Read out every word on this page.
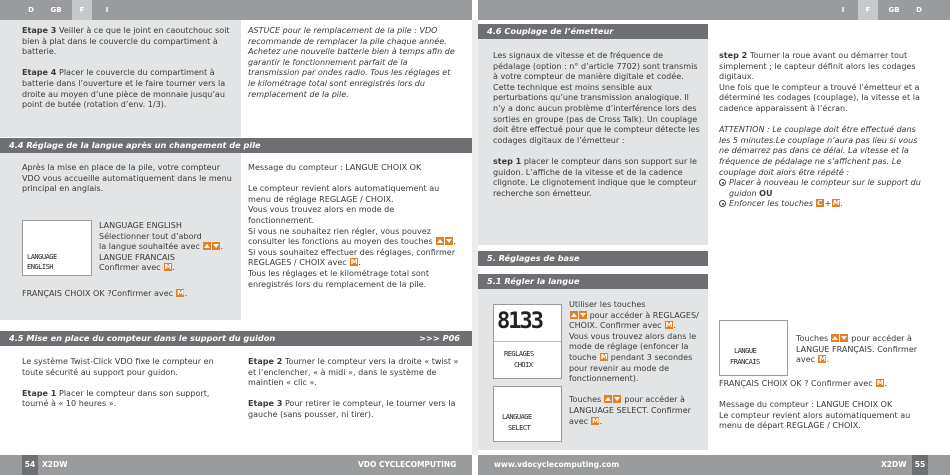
D	GB	F	I	I	F	GB	D

Etape 3 Veiller à ce que le joint en caoutchouc soit bien à plat dans le couvercle du compartiment à batterie.

Etape 4 Placer le couvercle du compartiment à batterie dans l’ouverture et le faire tourner vers la droite au moyen d’une pièce de monnaie jusqu’au point de butée (rotation d’env. 1/3).

ASTUCE pour le remplacement de la pile : VDO recommande de remplacer la pile chaque année. Achetez une nouvelle batterie bien à temps afin de garantir le fonctionnement parfait de la transmission par ondes radio. Tous les réglages et le kilométrage total sont enregistrés lors du remplacement de la pile.
4.4 Réglage de la langue après un changement de pile
Après la mise en place de la pile, votre compteur VDO vous accueille automatiquement dans le menu principal en anglais.
LANGUAGE
ENGLISH
LANGUAGE ENGLISH
Sélectionner tout d’abord
la langue souhaitée avec	.
LANGUE FRANCAIS
Confirmer avec M .
FRANÇAIS CHOIX OK ?Confirmer avec M .

Message du compteur : LANGUE CHOIX OK

Le compteur revient alors automatiquement au menu de réglage REGLAGE / CHOIX.

Vous vous trouvez alors en mode de fonctionnement.
Si vous ne souhaitez rien régler, vous pouvez consulter les fonctions au moyen des touches	.
Si vous souhaitez effectuer des réglages, confirmer REGLAGES / CHOIX avec M .
Tous les réglages et le kilométrage total sont enregistrés lors du remplacement de la pile.
4.5 Mise en place du compteur dans le support du guidon	>>> P06

Le système Twist-Click VDO fixe le compteur en toute sécurité au support pour guidon.

Etape 1 Placer le compteur dans son support, tourné à « 10 heures ».

Etape 2 Tourner le compteur vers la droite « twist » et l’enclencher, « à midi », dans le système de maintien « clic ».

Etape 3 Pour retirer le compteur, le tourner vers la gauche (sans pousser, ni tirer).

4.6 Couplage de l’émetteur

Les signaux de vitesse et de fréquence de pédalage (option : n° d’article 7702) sont transmis à votre compteur de manière digitale et codée. Cette technique est moins sensible aux perturbations qu’une transmission analogique. Il n’y a donc aucun problème d’interférence lors des sorties en groupe (pas de Cross Talk). Un couplage doit être effectué pour que le compteur détecte les codages digitaux de l’émetteur :

step 1 placer le compteur dans son support sur le guidon. L’affiche de la vitesse et de la cadence clignote. Le clignotement indique que le compteur recherche son émetteur.

step 2 Tourner la roue avant ou démarrer tout simplement ; le capteur définit alors les codages digitaux.

Une fois que le compteur a trouvé l’émetteur et a déterminé les codages (couplage), la vitesse et la cadence apparaissent à l’écran.

ATTENTION : Le couplage doit être effectué dans les 5 minutes.Le couplage n’aura pas lieu si vous ne démarrez pas dans ce délai. La vitesse et la fréquence de pédalage ne s’affichent pas. Le couplage doit alors être répété :
Placer à nouveau le compteur sur le support du guidon OU
Enfoncer les touches C + M .
5. Réglages de base
5.1 Régler la langue
8133
REGLAGES
CHOIX
LANGUAGE
SELECT
Utiliser les touches
pour accéder à REGLAGES/ CHOIX. Confirmer avec M .
Vous vous trouvez alors dans le mode de réglage (enfoncer la touche M pendant 3 secondes pour revenir au mode de fonctionnement).
Touches	pour accéder à LANGUAGE SELECT. Confirmer avec M .
LANGUE
FRANCAIS
Touches	pour accéder à LANGUE FRANÇAIS. Confirmer avec M .

FRANÇAIS CHOIX OK ? Confirmer avec M .

Message du compteur : LANGUE CHOIX OK
Le compteur revient alors automatiquement au menu de départ REGLAGE / CHOIX.
54 X2DW	VDO CYCLECOMPUTING	www.vdocyclecomputing.com	X2DW	55
